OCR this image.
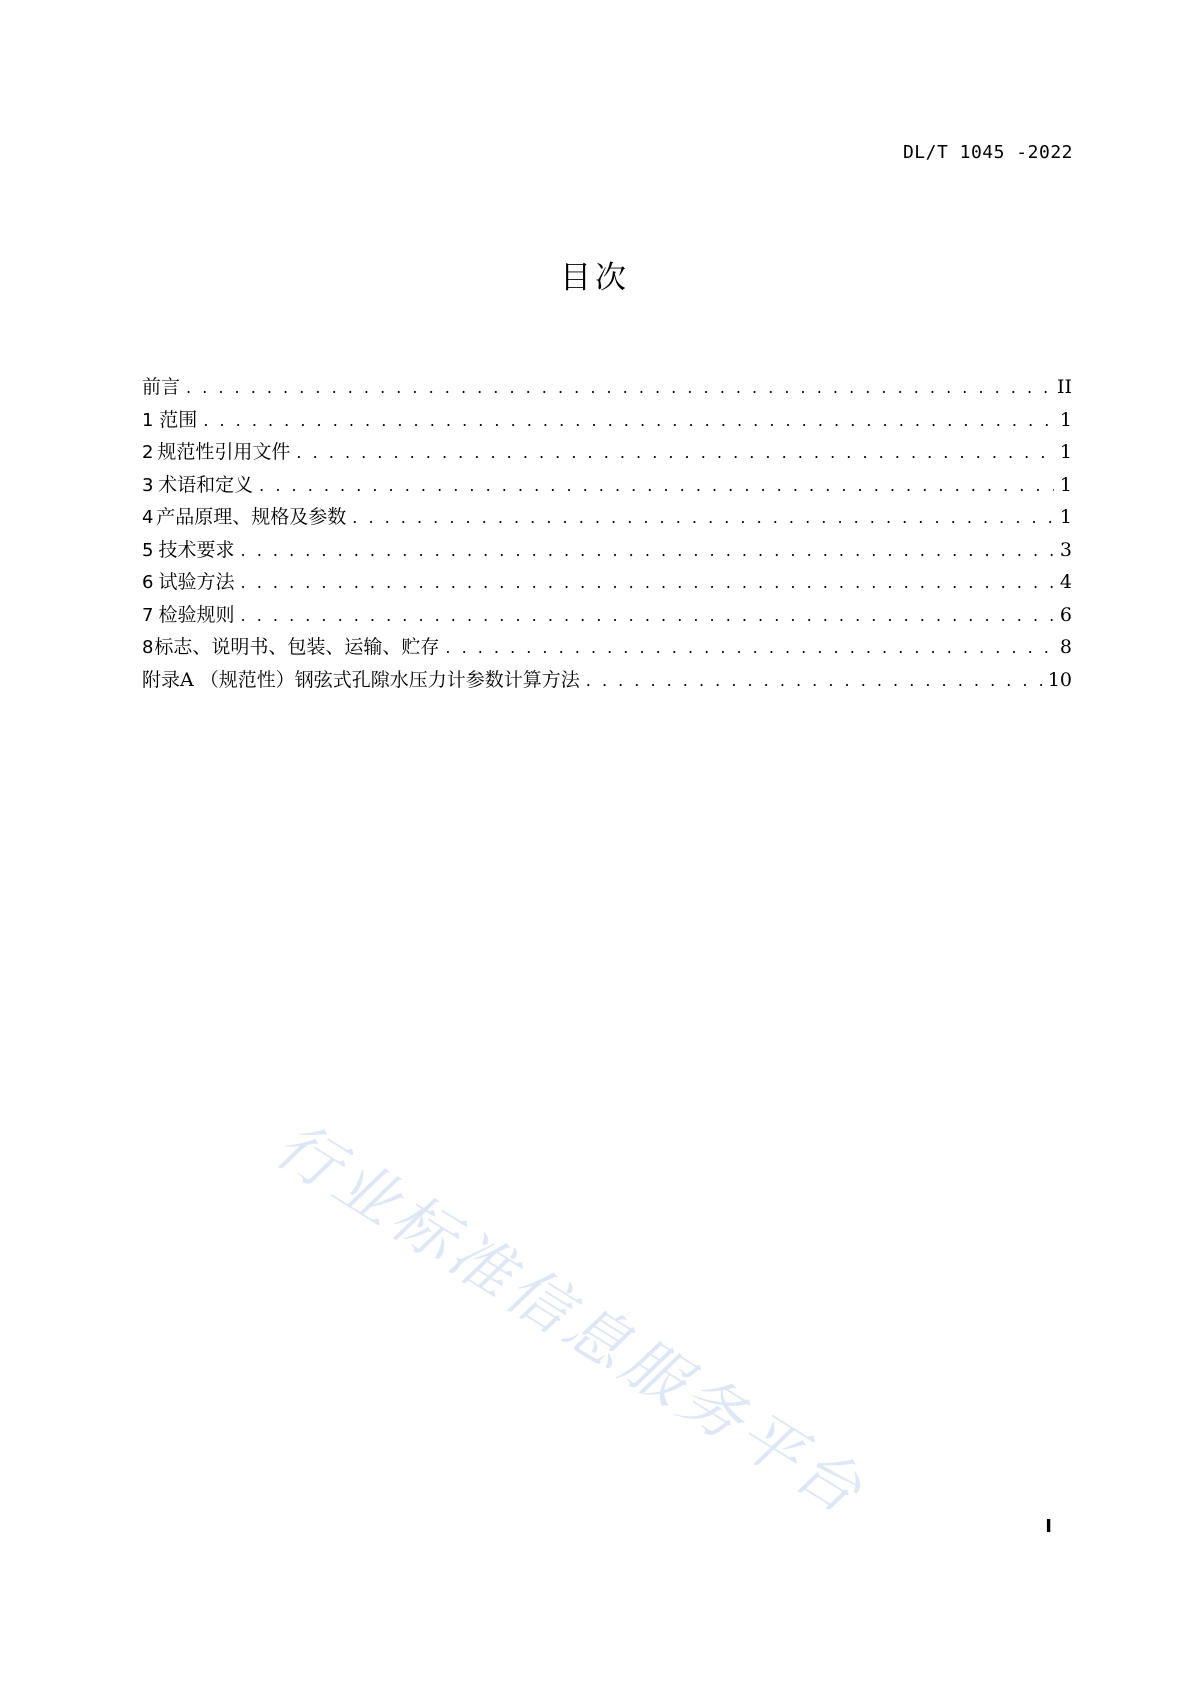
DL/T 1045 -2022
目次
前言 . . .	II
1 范围 . . .	1
2 规范性引用文件 . . .	1
3 术语和定义 . . .	1
4 产品原理、规格及参数 . . .	1
5 技术要求 . . .	3
6 试验方法 . . .	4
7 检验规则 . . .	6
8 标志、说明书、包装、运输、贮存 . . .	8
附录A （规范性）钢弦式孔隙水压力计参数计算方法 . . .	10
行业标准信息服务平台	I
